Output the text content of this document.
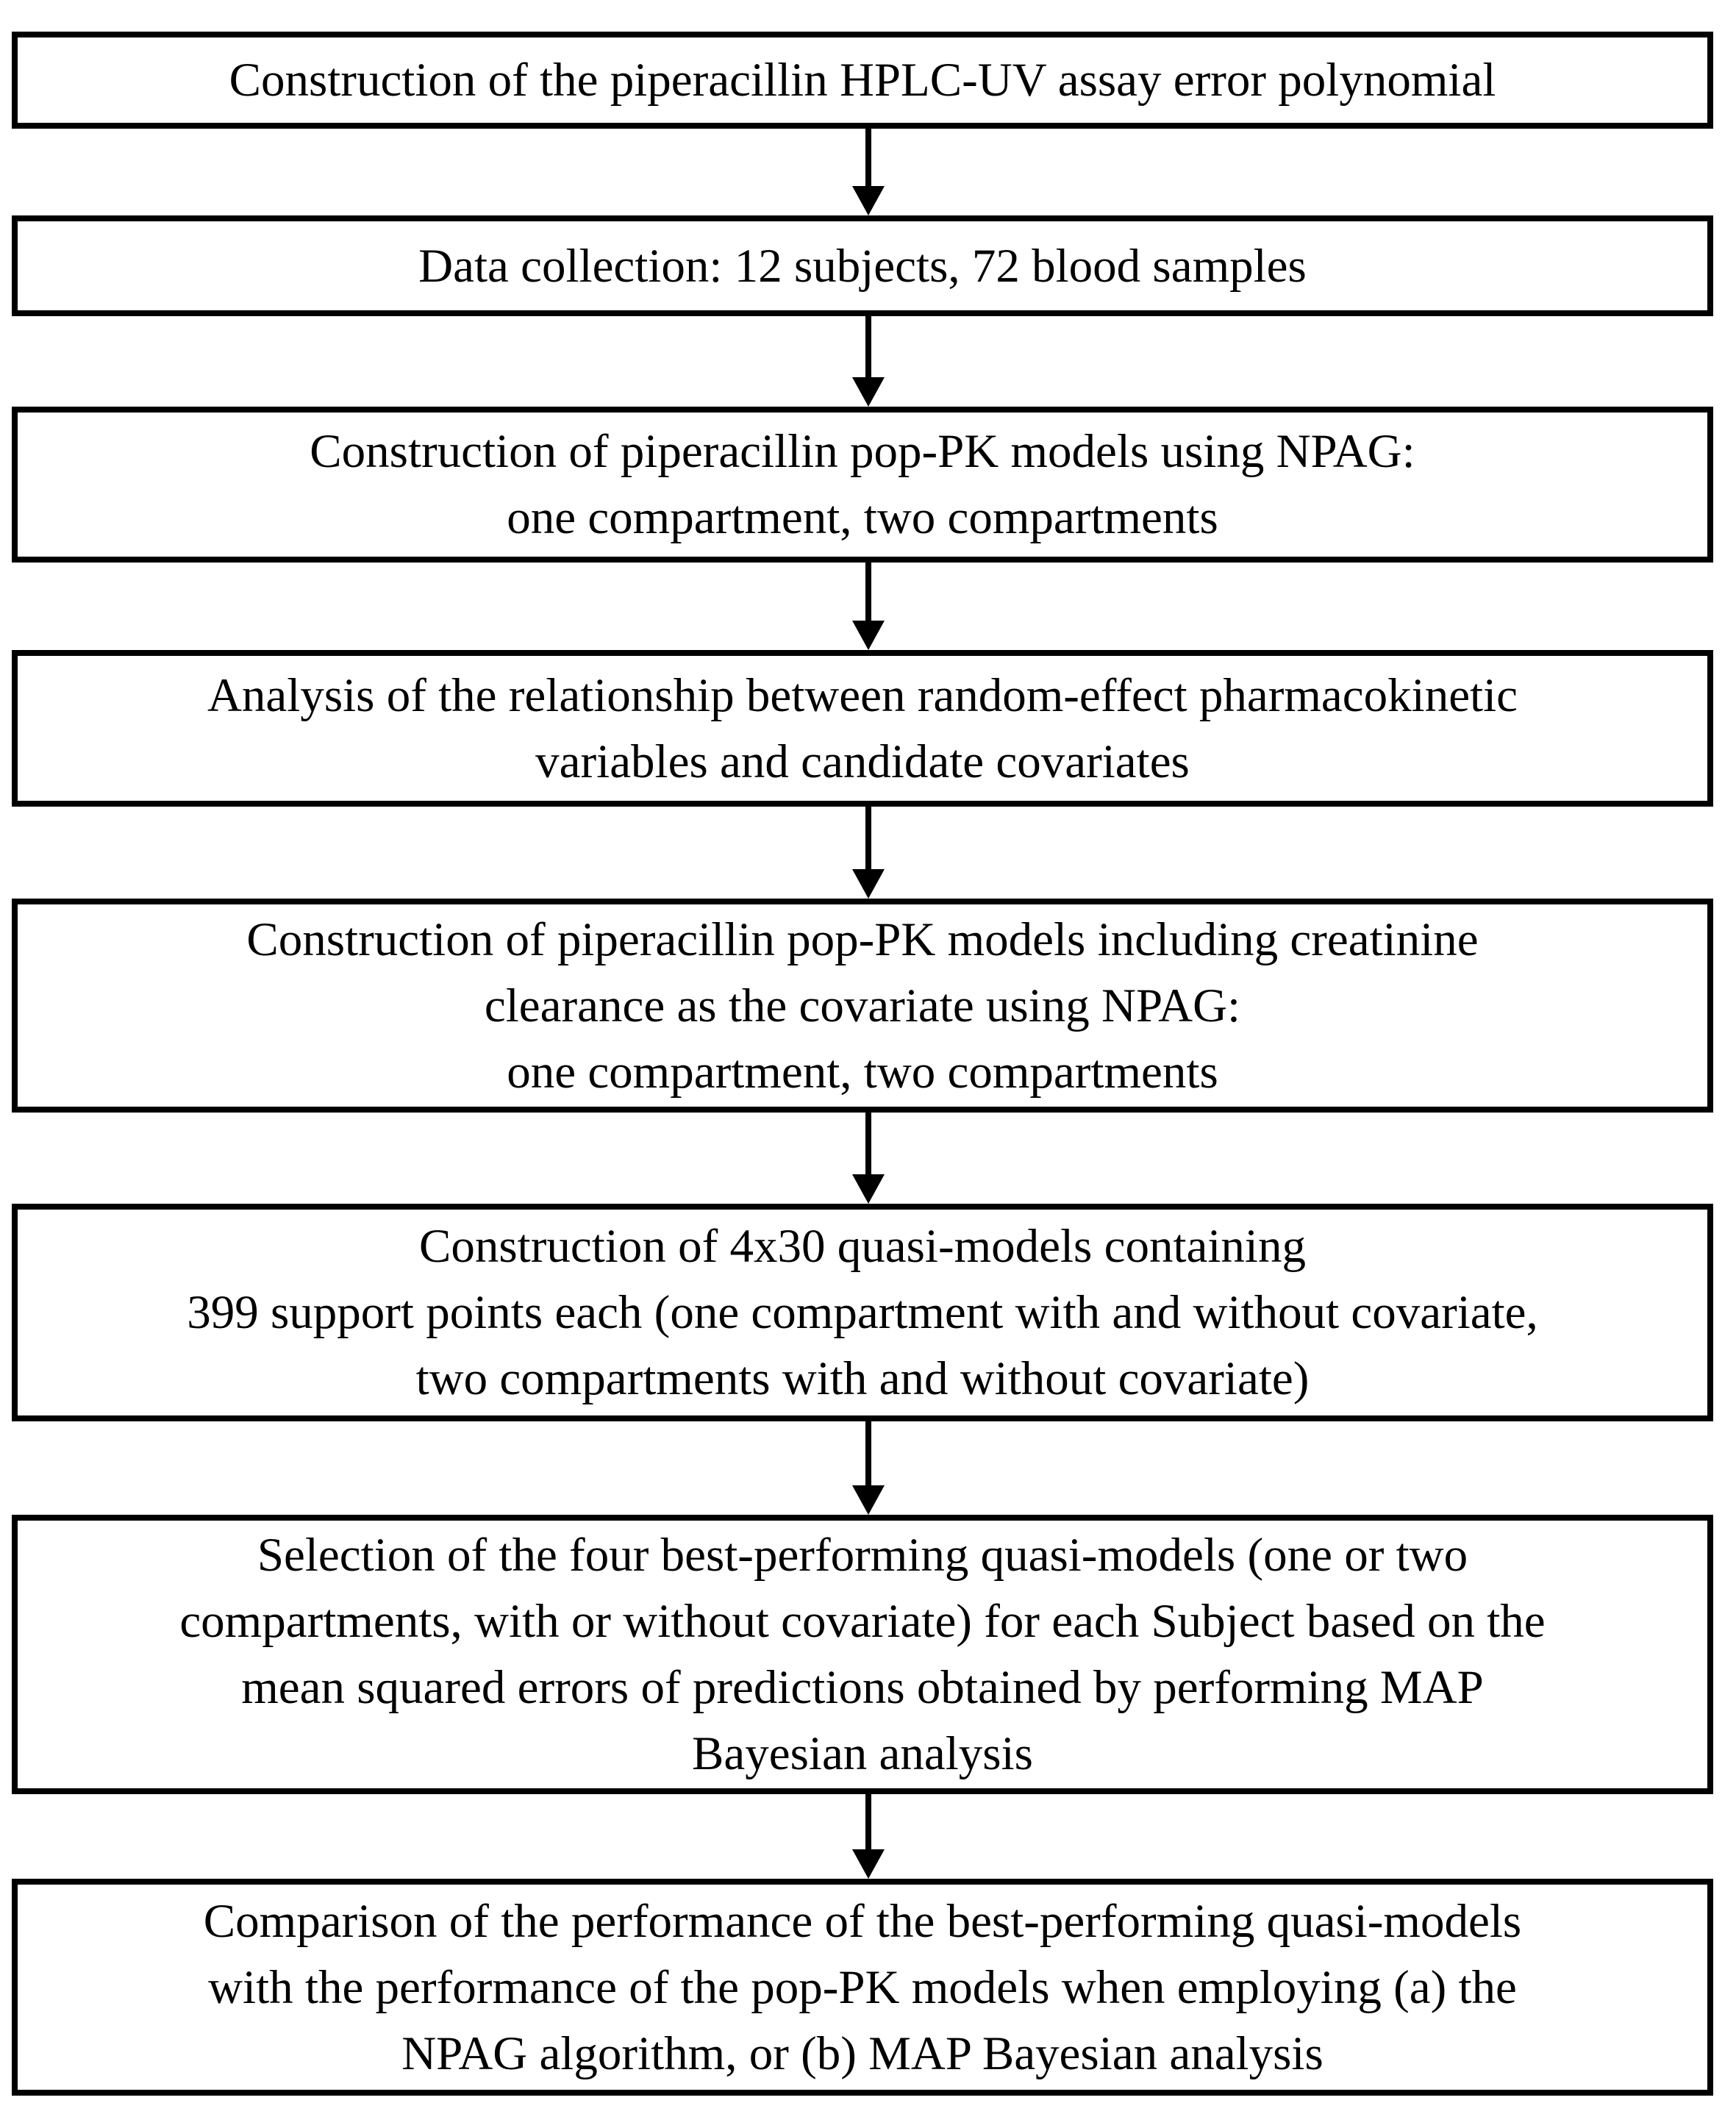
Construction of the piperacillin HPLC-UV assay error polynomial
Data collection: 12 subjects, 72 blood samples
Construction of piperacillin pop-PK models using NPAG:
one compartment, two compartments
Analysis of the relationship between random-effect pharmacokinetic
variables and candidate covariates
Construction of piperacillin pop-PK models including creatinine
clearance as the covariate using NPAG:
one compartment, two compartments
Construction of 4x30 quasi-models containing
399 support points each (one compartment with and without covariate,
two compartments with and without covariate)
Selection of the four best-performing quasi-models (one or two
compartments, with or without covariate) for each Subject based on the
mean squared errors of predictions obtained by performing MAP
Bayesian analysis
Comparison of the performance of the best-performing quasi-models
with the performance of the pop-PK models when employing (a) the
NPAG algorithm, or (b) MAP Bayesian analysis
